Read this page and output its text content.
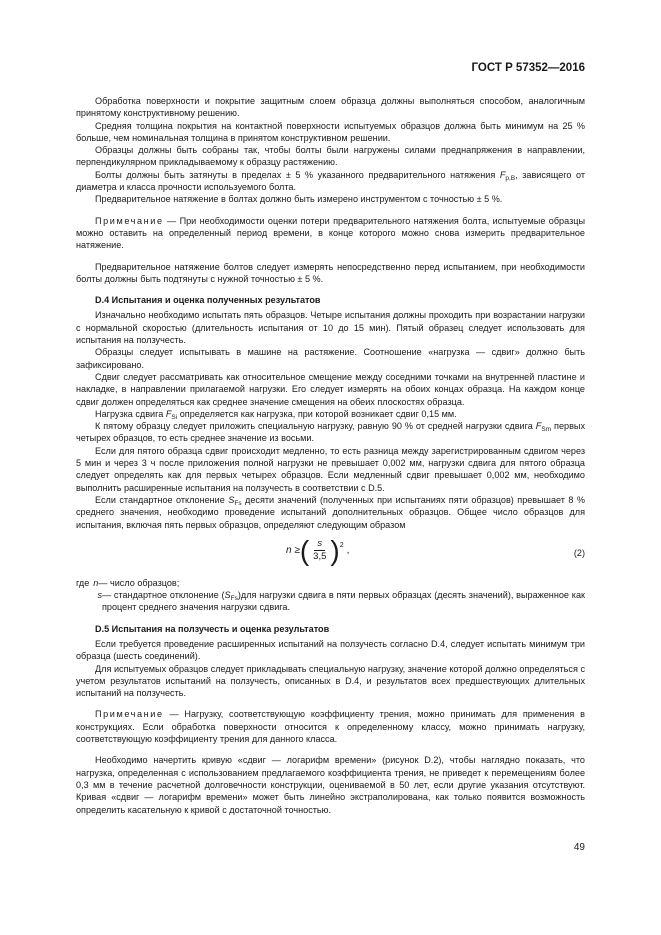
ГОСТ Р 57352—2016

Обработка поверхности и покрытие защитным слоем образца должны выполняться способом, аналогичным принятому конструктивному решению.

Средняя толщина покрытия на контактной поверхности испытуемых образцов должна быть минимум на 25 % больше, чем номинальная толщина в принятом конструктивном решении.

Образцы должны быть собраны так, чтобы болты были нагружены силами преднапряжения в направлении, перпендикулярном прикладываемому к образцу растяжению.

Болты должны быть затянуты в пределах ± 5 % указанного предварительного натяжения $F_{p,B}$, зависящего от диаметра и класса прочности используемого болта.

Предварительное натяжение в болтах должно быть измерено инструментом с точностью ± 5 %.

Примечание — При необходимости оценки потери предварительного натяжения болта, испытуемые образцы можно оставить на определенный период времени, в конце которого можно снова измерить предварительное натяжение.

Предварительное натяжение болтов следует измерять непосредственно перед испытанием, при необходимости болты должны быть подтянуты с нужной точностью ± 5 %.

D.4 Испытания и оценка полученных результатов

Изначально необходимо испытать пять образцов. Четыре испытания должны проходить при возрастании нагрузки с нормальной скоростью (длительность испытания от 10 до 15 мин). Пятый образец следует использовать для испытания на ползучесть.

Образцы следует испытывать в машине на растяжение. Соотношение «нагрузка — сдвиг» должно быть зафиксировано.

Сдвиг следует рассматривать как относительное смещение между соседними точками на внутренней пластине и накладке, в направлении прилагаемой нагрузки. Его следует измерять на обоих концах образца. На каждом конце сдвиг должен определяться как среднее значение смещения на обеих плоскостях образца.

Нагрузка сдвига $F_{Si}$ определяется как нагрузка, при которой возникает сдвиг 0,15 мм.

К пятому образцу следует приложить специальную нагрузку, равную 90 % от средней нагрузки сдвига $F_{Sm}$ первых четырех образцов, то есть среднее значение из восьми.

Если для пятого образца сдвиг происходит медленно, то есть разница между зарегистрированным сдвигом через 5 мин и через 3 ч после приложения полной нагрузки не превышает 0,002 мм, нагрузки сдвига для пятого образца следует определять как для первых четырех образцов. Если медленный сдвиг превышает 0,002 мм, необходимо выполнить расширенные испытания на ползучесть в соответствии с D.5.

Если стандартное отклонение $S_{Fs}$ десяти значений (полученных при испытаниях пяти образцов) превышает 8 % среднего значения, необходимо проведение испытаний дополнительных образцов. Общее число образцов для испытания, включая пять первых образцов, определяют следующим образом

n ≥ ( $\frac{s}{3,5}$ ) 2 ,	(2)
где n — число образцов;
s — стандартное отклонение $(S_{Fs})для$ нагрузки сдвига в пяти первых образцах (десять значений), выраженное как процент среднего значения нагрузки сдвига.

D.5 Испытания на ползучесть и оценка результатов

Если требуется проведение расширенных испытаний на ползучесть согласно D.4, следует испытать минимум три образца (шесть соединений).

Для испытуемых образцов следует прикладывать специальную нагрузку, значение которой должно определяться с учетом результатов испытаний на ползучесть, описанных в D.4, и результатов всех предшествующих длительных испытаний на ползучесть.

Примечание — Нагрузку, соответствующую коэффициенту трения, можно принимать для применения в конструкциях. Если обработка поверхности относится к определенному классу, можно принимать нагрузку, соответствующую коэффициенту трения для данного класса.

Необходимо начертить кривую «сдвиг — логарифм времени» (рисунок D.2), чтобы наглядно показать, что нагрузка, определенная с использованием предлагаемого коэффициента трения, не приведет к перемещениям более 0,3 мм в течение расчетной долговечности конструкции, оцениваемой в 50 лет, если другие указания отсутствуют. Кривая «сдвиг — логарифм времени» может быть линейно экстраполирована, как только появится возможность определить касательную к кривой с достаточной точностью.

49
